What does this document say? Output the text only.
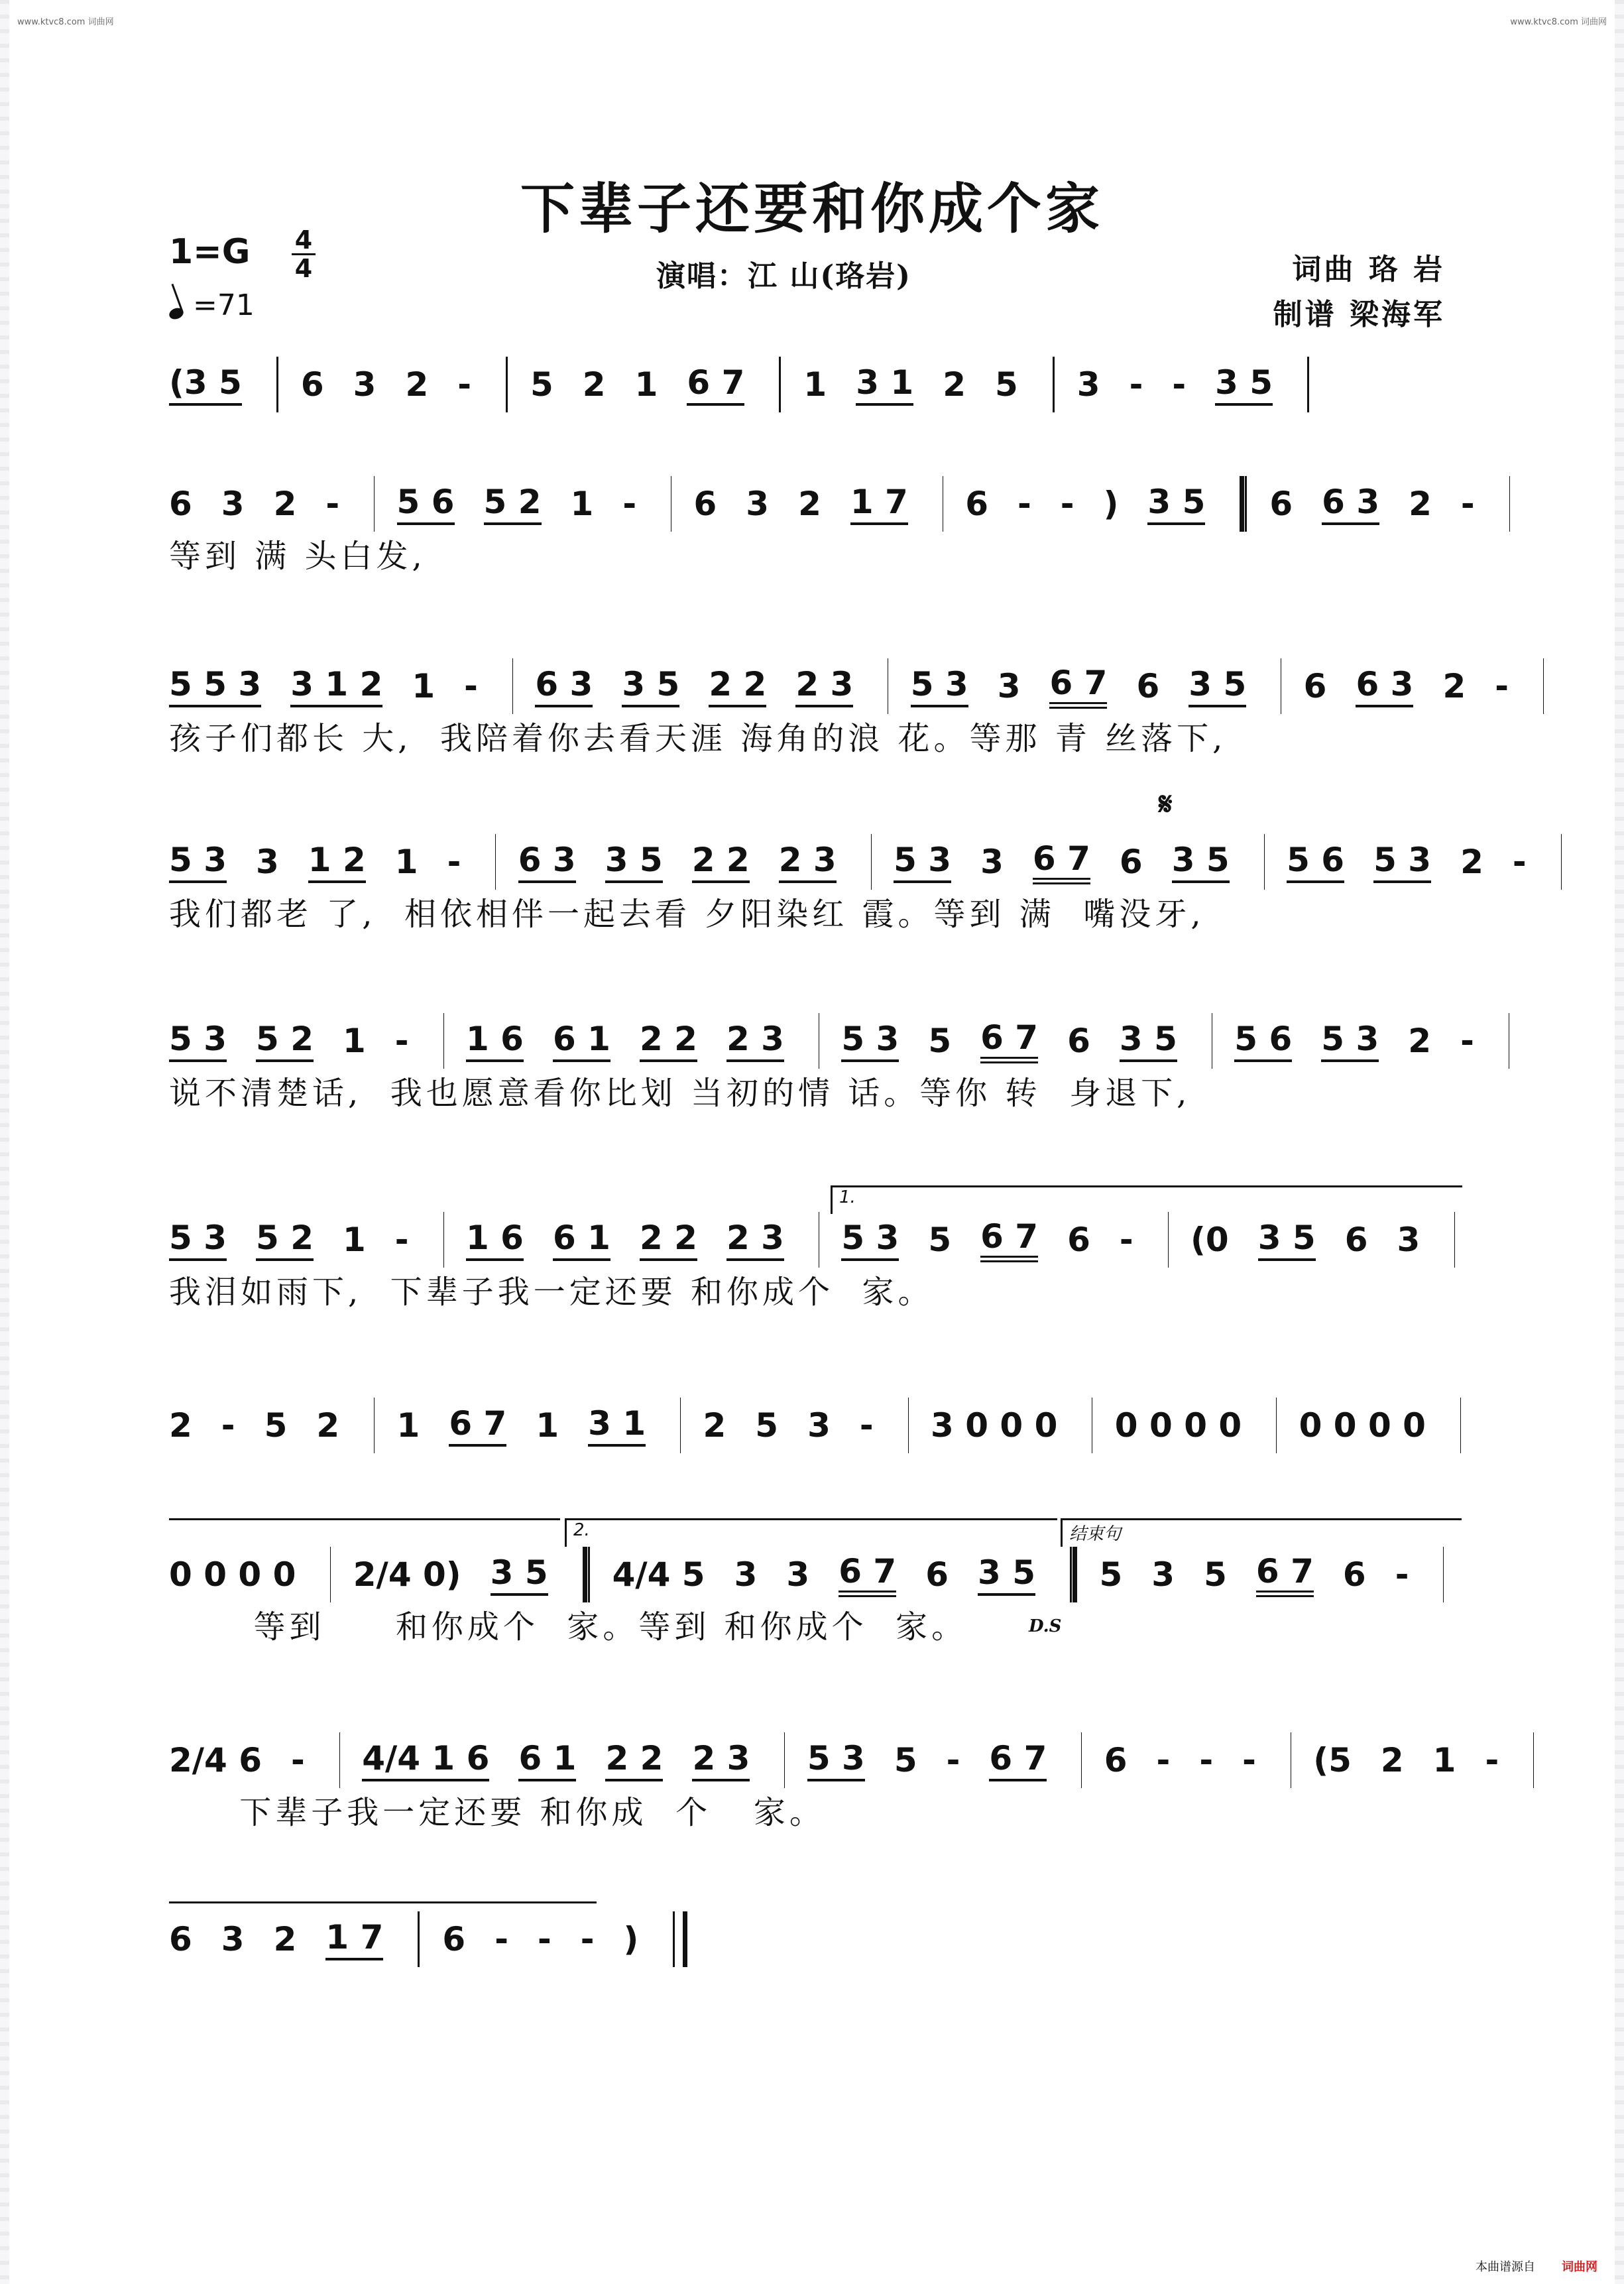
www.ktvc8.com 词曲网	www.ktvc8.com 词曲网
下辈子还要和你成个家
1=G 4
4
=71
演唱：江 山(珞岩)	词曲 珞 岩
制谱 梁海军
(3 5 6 3 2 - 5 2 1 6 7 1 3 1 2 5 3 - - 3 5
6 3 2 - 5 6 5 2 1 - 6 3 2 1 7 6 - - ) 3 5 6 6 3 2 -
等到 满 头白发,
5 5 3 3 1 2 1 - 6 3 3 5 2 2 2 3 5 3 3 6 7 6 3 5 6 6 3 2 -
孩子们都长 大,  我陪着你去看天涯 海角的浪 花。等那 青 丝落下,
5 3 3 1 2 1 - 6 3 3 5 2 2 2 3 5 3 3 6 7 6 3 5 5 6 5 3 2 -
我们都老 了,  相依相伴一起去看 夕阳染红 霞。等到 满  嘴没牙,
5 3 5 2 1 - 1 6 6 1 2 2 2 3 5 3 5 6 7 6 3 5 5 6 5 3 2 -
说不清楚话,  我也愿意看你比划 当初的情 话。等你 转  身退下,
5 3 5 2 1 - 1 6 6 1 2 2 2 3 5 3 5 6 7 6 - (0 3 5 6 3
我泪如雨下,  下辈子我一定还要 和你成个  家。
2 - 5 2 1 6 7 1 3 1 2 5 3 - 3 0 0 0 0 0 0 0 0 0 0 0
0 0 0 0 2/4 0) 3 5 4/4 5 3 3 6 7 6 3 5 5 3 5 6 7 6 -
等到     和你成个  家。等到 和你成个  家。
2/4 6 - 4/4 1 6 6 1 2 2 2 3 5 3 5 - 6 7 6 - - - (5 2 1 -
下辈子我一定还要 和你成  个   家。
6 3 2 1 7 6 - - - )
𝄋
1.
2.	结束句
D.S
本曲谱源自 词曲网
